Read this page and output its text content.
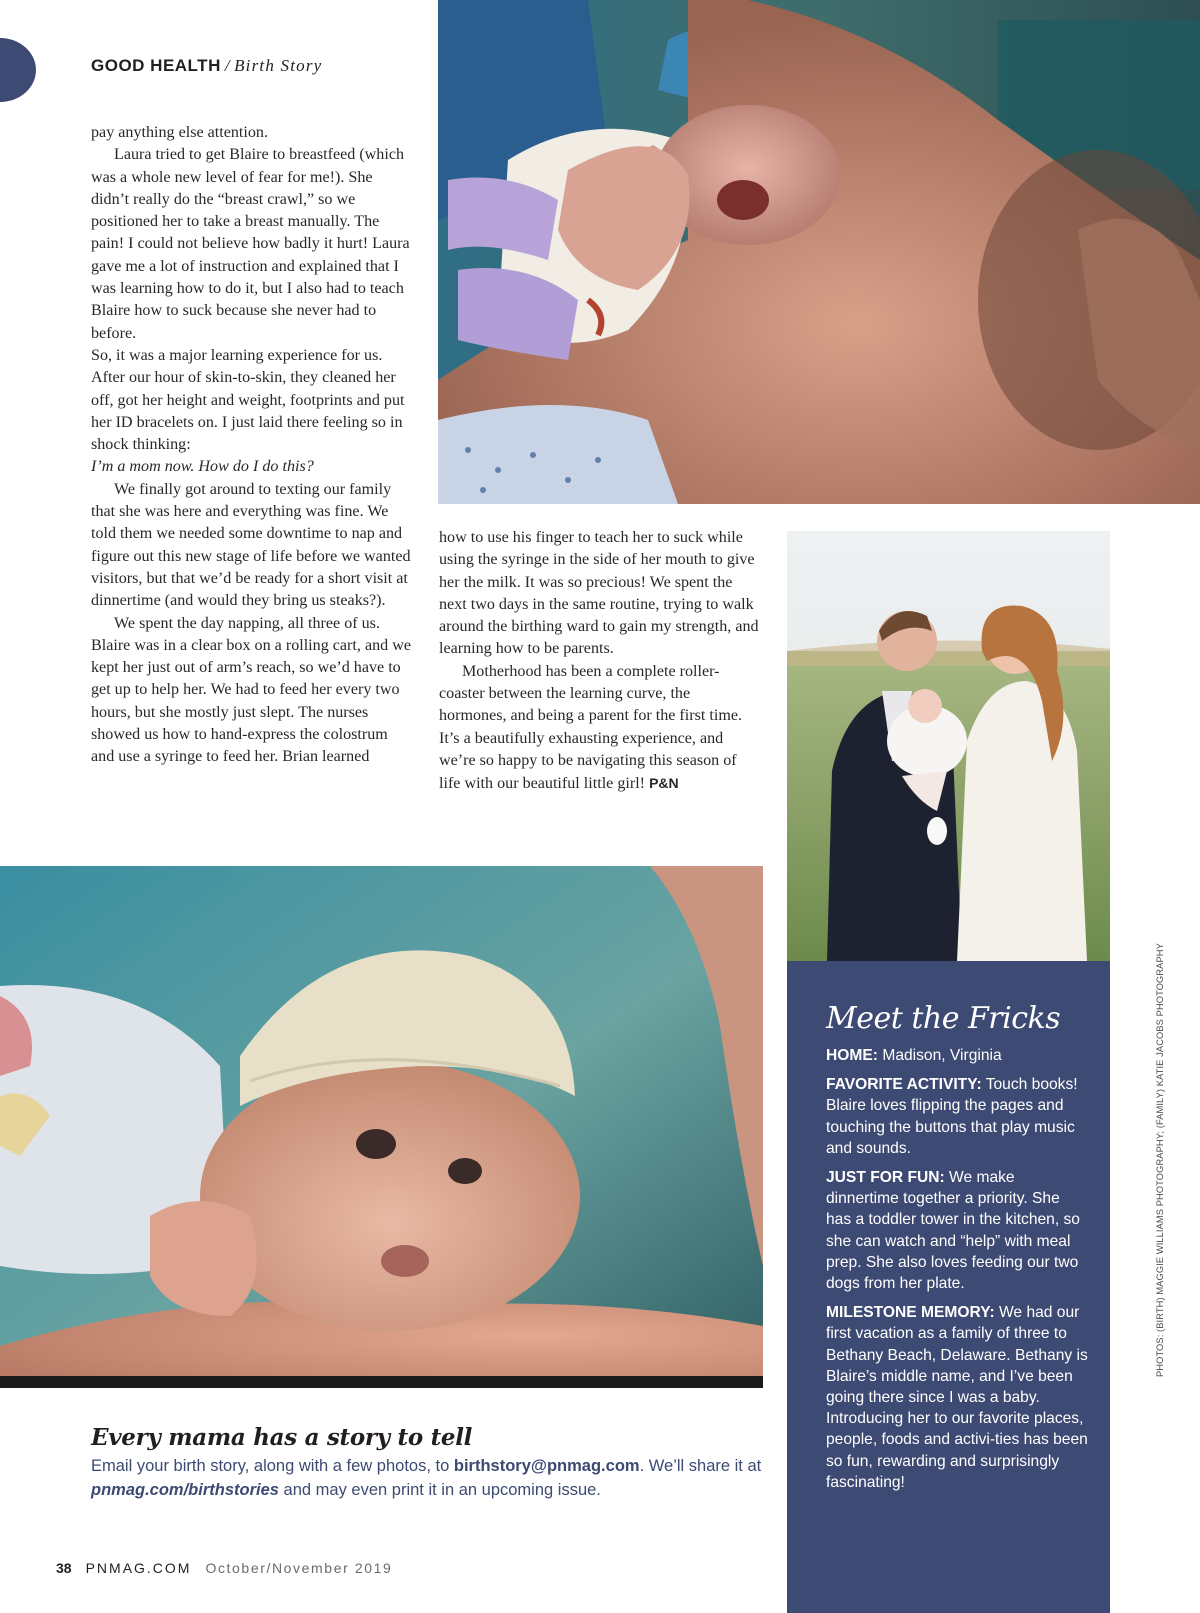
GOOD HEALTH / Birth Story

pay anything else attention.

Laura tried to get Blaire to breastfeed (which was a whole new level of fear for me!). She didn’t really do the “breast crawl,” so we positioned her to take a breast manually. The pain! I could not believe how badly it hurt! Laura gave me a lot of instruction and explained that I was learning how to do it, but I also had to teach Blaire how to suck because she never had to before.

So, it was a major learning experience for us. After our hour of skin-to-skin, they cleaned her off, got her height and weight, footprints and put her ID bracelets on. I just laid there feeling so in shock thinking:
I’m a mom now. How do I do this?

We finally got around to texting our family that she was here and everything was fine. We told them we needed some downtime to nap and figure out this new stage of life before we wanted visitors, but that we’d be ready for a short visit at dinnertime (and would they bring us steaks?).

We spent the day napping, all three of us. Blaire was in a clear box on a rolling cart, and we kept her just out of arm’s reach, so we’d have to get up to help her. We had to feed her every two hours, but she mostly just slept. The nurses showed us how to hand-express the colostrum and use a syringe to feed her. Brian learned

how to use his finger to teach her to suck while using the syringe in the side of her mouth to give her the milk. It was so precious! We spent the next two days in the same routine, trying to walk around the birthing ward to gain my strength, and learning how to be parents.

Motherhood has been a complete roller-coaster between the learning curve, the hormones, and being a parent for the first time. It’s a beautifully exhausting experience, and we’re so happy to be navigating this season of life with our beautiful little girl! P&N

Meet the Fricks

HOME: Madison, Virginia

FAVORITE ACTIVITY: Touch books! Blaire loves flipping the pages and touching the buttons that play music and sounds.

JUST FOR FUN: We make dinnertime together a priority. She has a toddler tower in the kitchen, so she can watch and “help” with meal prep. She also loves feeding our two dogs from her plate.

MILESTONE MEMORY: We had our first vacation as a family of three to Bethany Beach, Delaware. Bethany is Blaire’s middle name, and I’ve been going there since I was a baby. Introducing her to our favorite places, people, foods and activi-ties has been so fun, rewarding and surprisingly fascinating!

PHOTOS: (BIRTH) MAGGIE WILLIAMS PHOTOGRAPHY; (FAMILY) KATIE JACOBS PHOTOGRAPHY
Every mama has a story to tell
Email your birth story, along with a few photos, to birthstory@pnmag.com. We’ll share it at pnmag.com/birthstories and may even print it in an upcoming issue.
38 PNMAG.COM October/November 2019
